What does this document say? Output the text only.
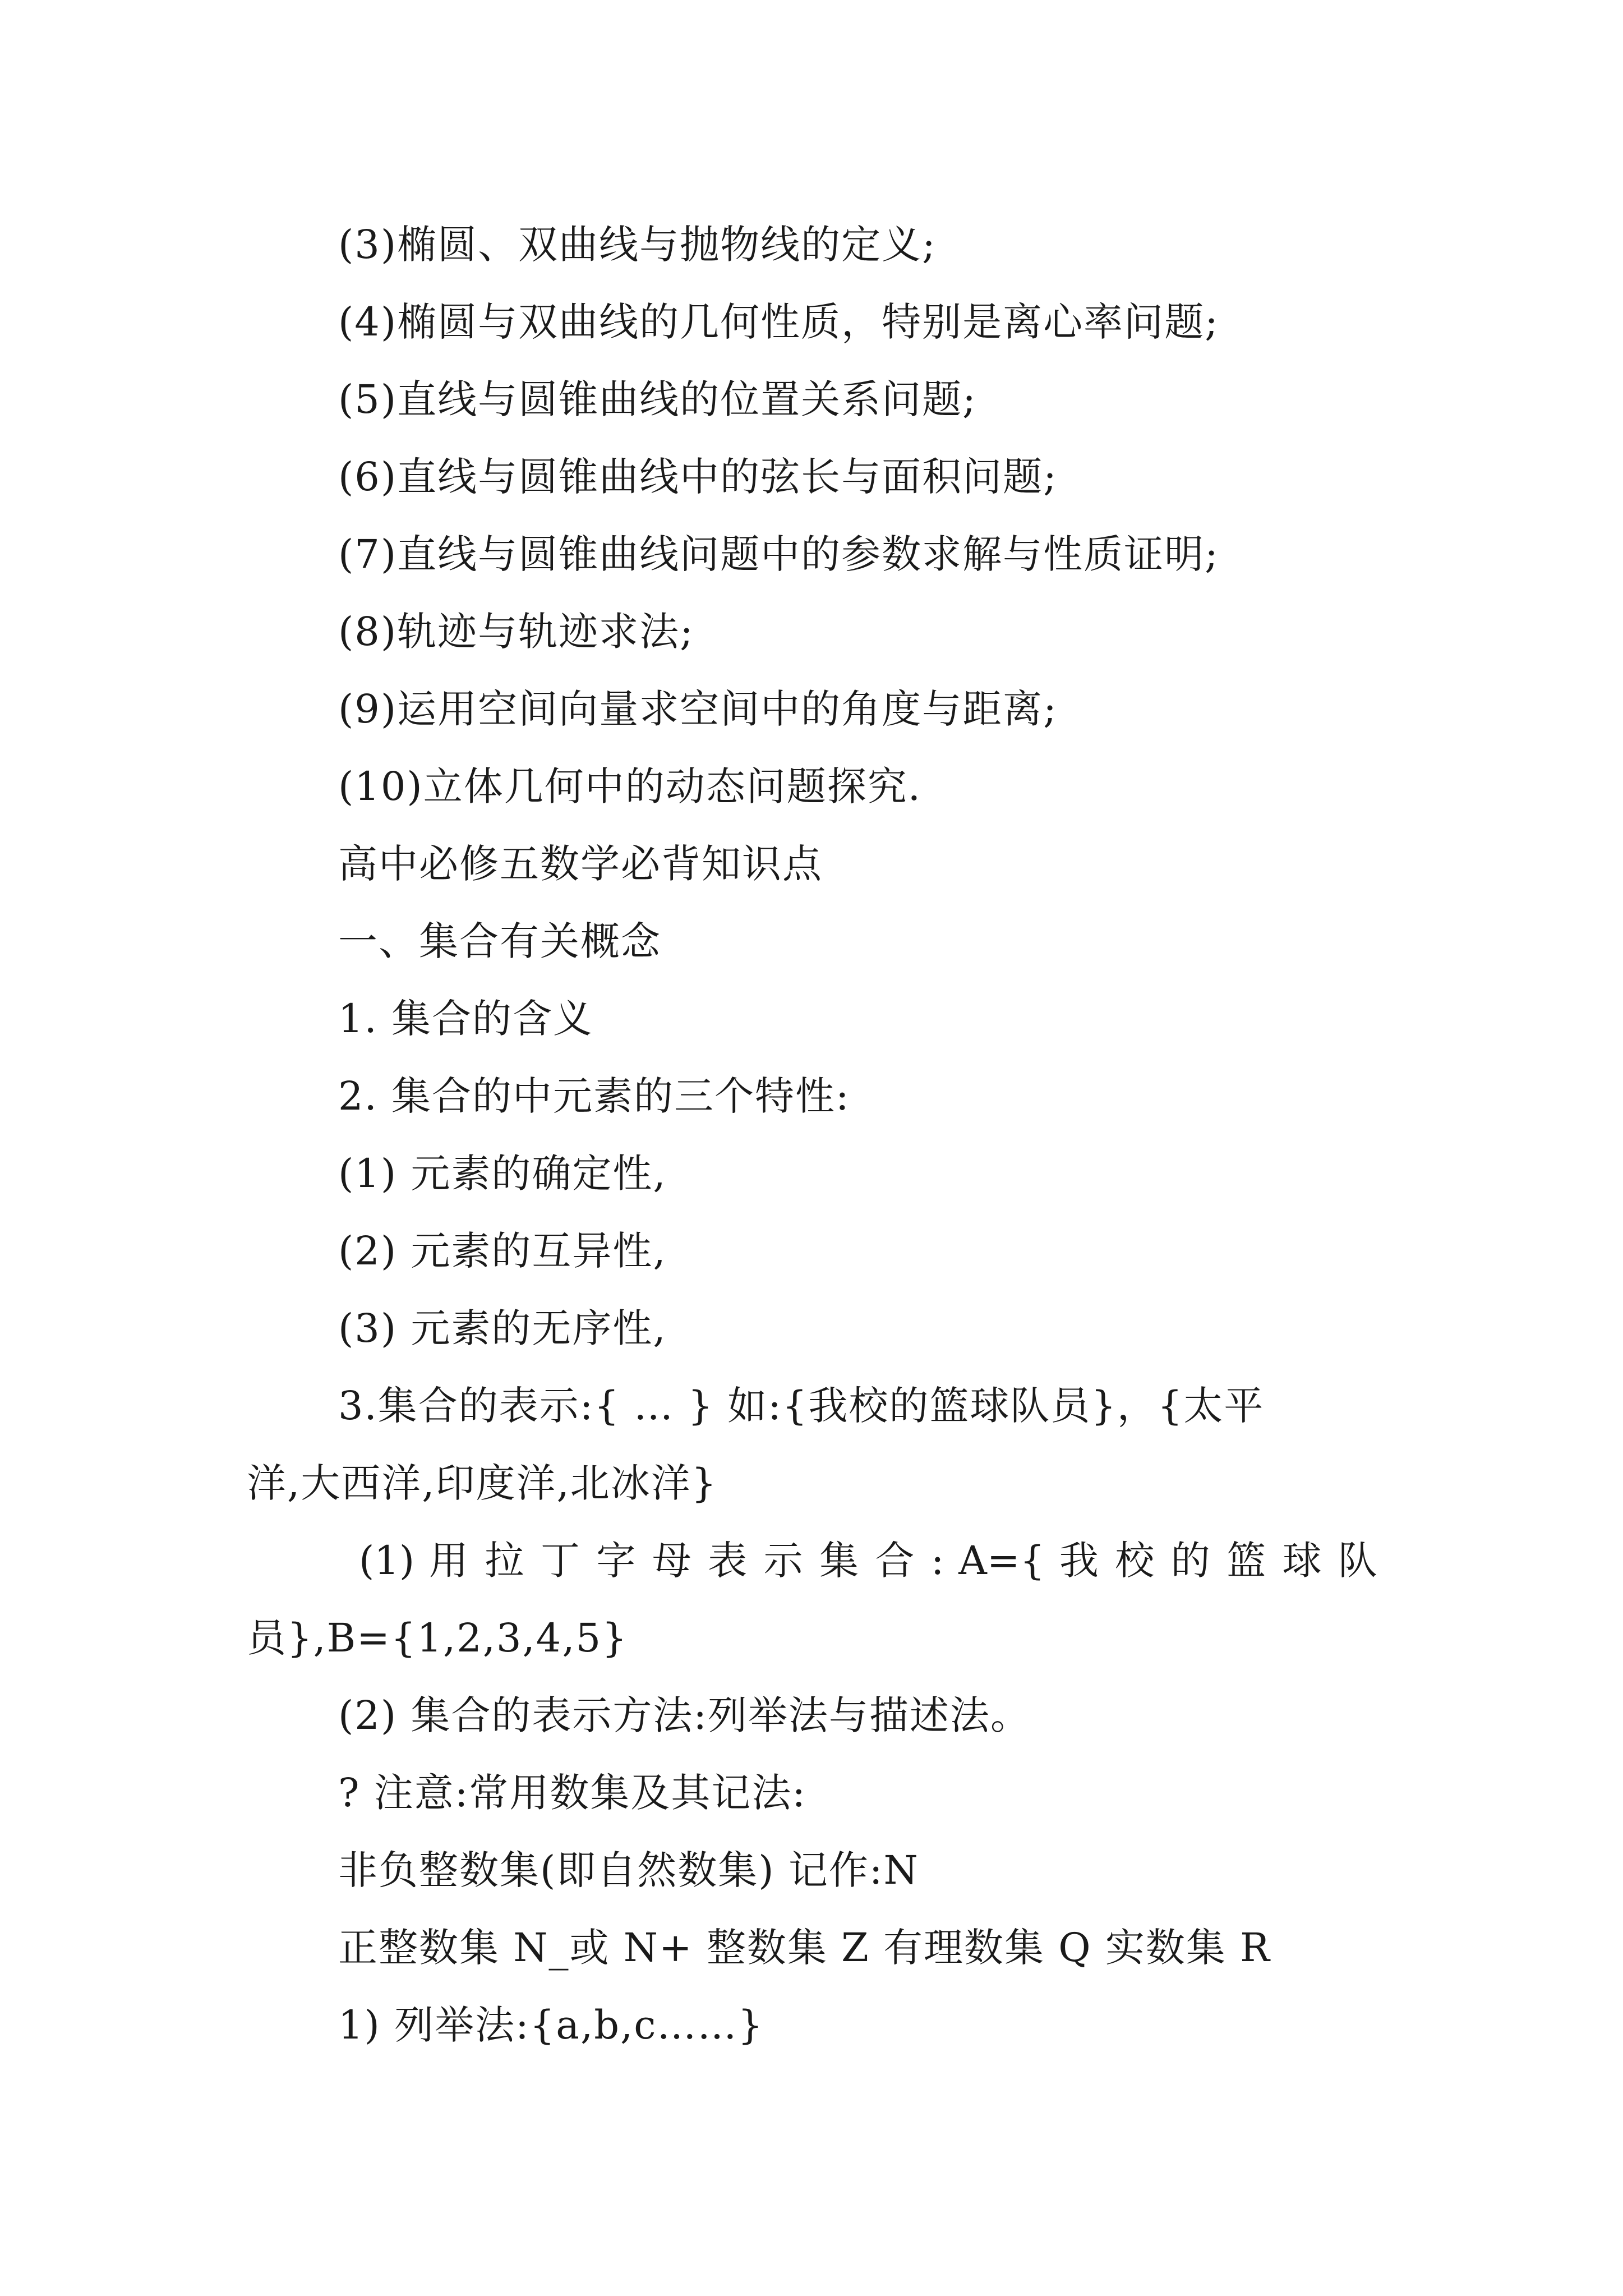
(3)椭圆、双曲线与抛物线的定义;
(4)椭圆与双曲线的几何性质，特别是离心率问题;
(5)直线与圆锥曲线的位置关系问题;
(6)直线与圆锥曲线中的弦长与面积问题;
(7)直线与圆锥曲线问题中的参数求解与性质证明;
(8)轨迹与轨迹求法;
(9)运用空间向量求空间中的角度与距离;
(10)立体几何中的动态问题探究.
高中必修五数学必背知识点
一、集合有关概念
1. 集合的含义
2. 集合的中元素的三个特性:
(1) 元素的确定性,
(2) 元素的互异性,
(3) 元素的无序性,
3.集合的表示:{ … } 如:{我校的篮球队员}，{太平
洋,大西洋,印度洋,北冰洋}
(1) 用 拉 丁 字 母 表 示 集 合 : A={ 我 校 的 篮 球 队
员},B={1,2,3,4,5}
(2) 集合的表示方法:列举法与描述法。
? 注意:常用数集及其记法:
非负整数集(即自然数集) 记作:N
正整数集 N_或 N+ 整数集 Z 有理数集 Q 实数集 R
1) 列举法:{a,b,c……}
